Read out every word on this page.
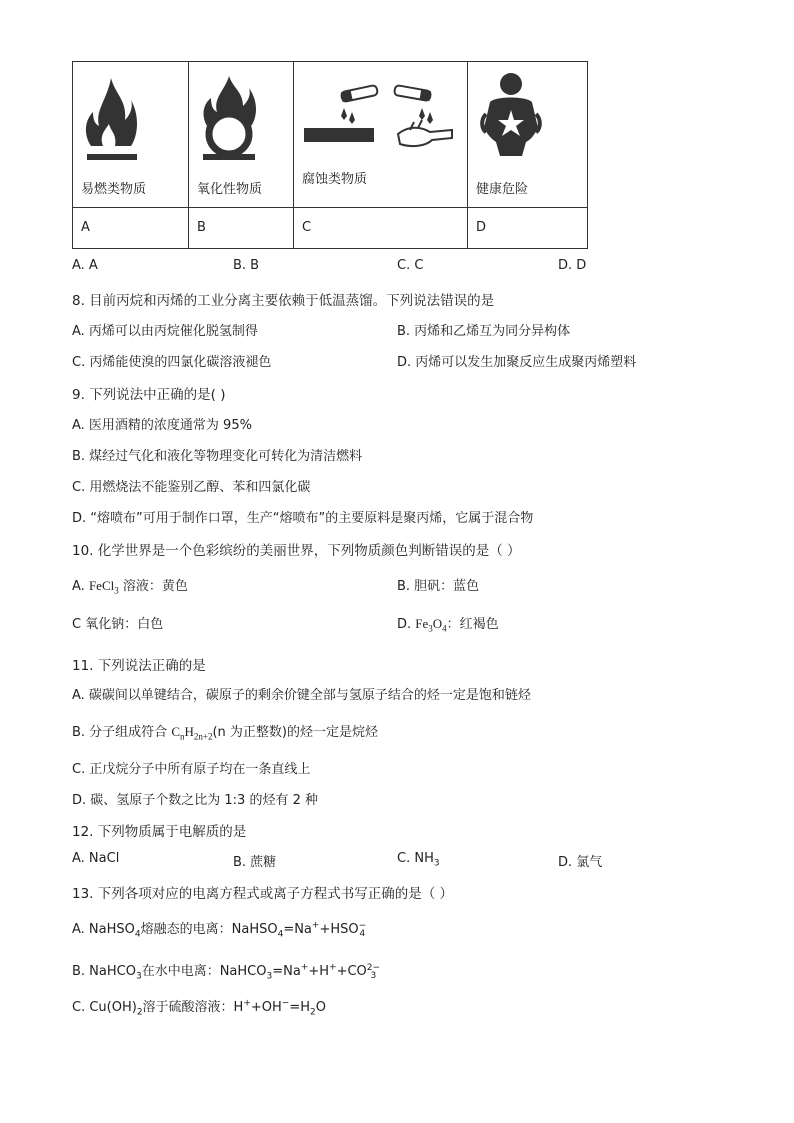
易燃类物质	氧化性物质	腐蚀类物质	健康危险

A	B	C	D
A. A	B. B	C. C	D. D
8. 目前丙烷和丙烯的工业分离主要依赖于低温蒸馏。下列说法错误的是
A. 丙烯可以由丙烷催化脱氢制得	B. 丙烯和乙烯互为同分异构体
C. 丙烯能使溴的四氯化碳溶液褪色	D. 丙烯可以发生加聚反应生成聚丙烯塑料
9. 下列说法中正确的是( )
A. 医用酒精的浓度通常为 95%
B. 煤经过气化和液化等物理变化可转化为清洁燃料
C. 用燃烧法不能鉴别乙醇、苯和四氯化碳
D. “熔喷布”可用于制作口罩，生产“熔喷布”的主要原料是聚丙烯，它属于混合物
10. 化学世界是一个色彩缤纷的美丽世界，下列物质颜色判断错误的是（ ）
A. FeCl$_3$ 溶液：黄色	B. 胆矾：蓝色
C 氧化钠：白色	D. $Fe_3O_4$：红褐色
11. 下列说法正确的是
A. 碳碳间以单键结合，碳原子的剩余价键全部与氢原子结合的烃一定是饱和链烃
B. 分子组成符合 $C_nH_{2n+2}(n$ 为正整数)的烃一定是烷烃
C. 正戊烷分子中所有原子均在一条直线上
D. 碳、氢原子个数之比为 1:3 的烃有 2 种
12. 下列物质属于电解质的是
A. NaCl	B. 蔗糖	C. $NH_3$	D. 氯气
13. 下列各项对应的电离方程式或离子方程式书写正确的是（ ）
A. NaHSO$_4$熔融态的电离：NaHSO$_4$=Na++HSO−
4
B. NaHCO$_3$在水中电离：NaHCO$_3$=Na++H++CO2−
3
C. $Cu(OH)_2$溶于硫酸溶液：$H^++OH^-=H_2O$
